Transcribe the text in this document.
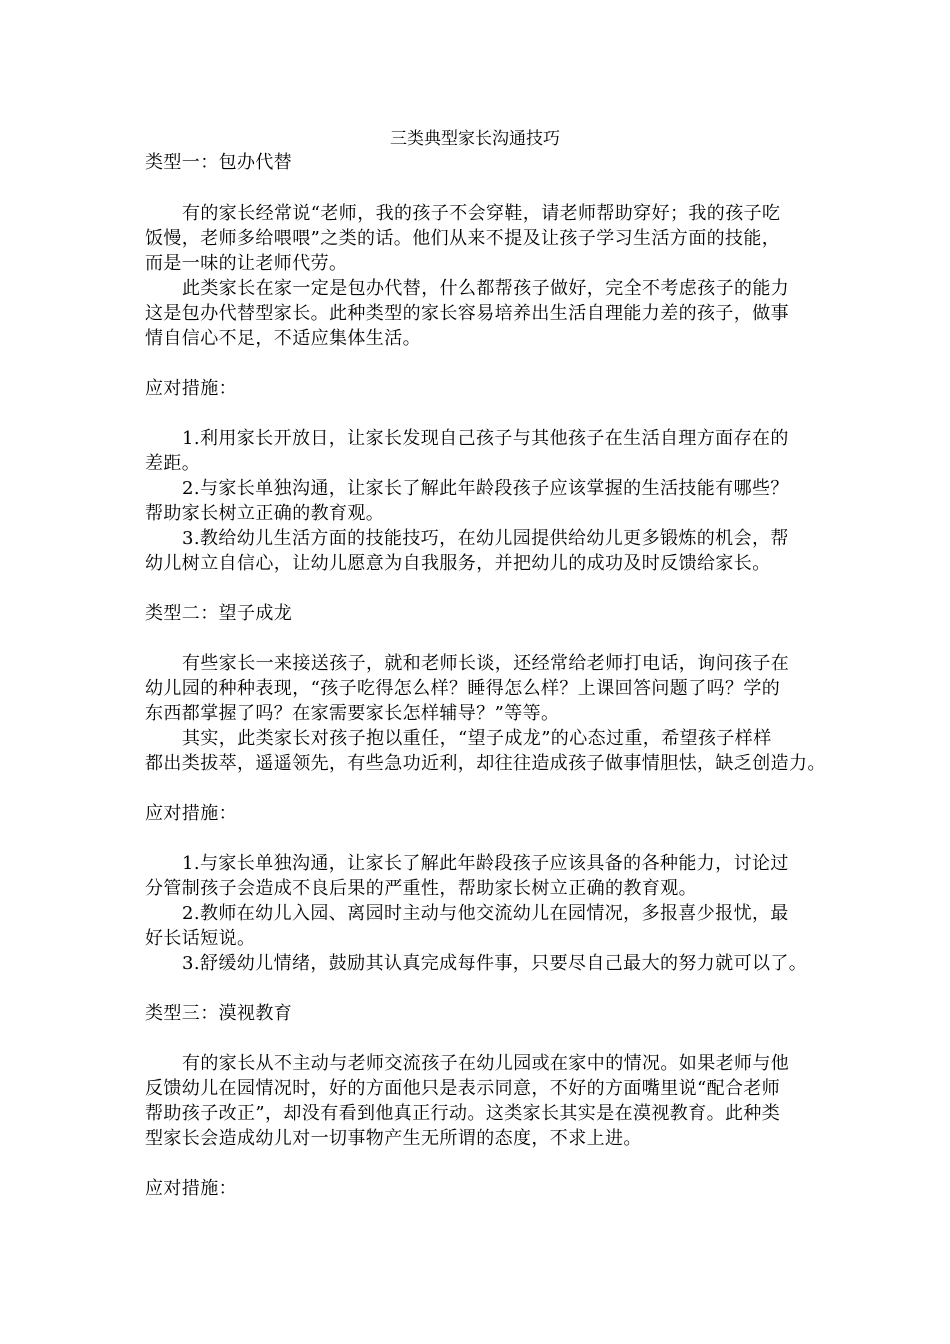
三类典型家长沟通技巧
类型一：包办代替
有的家长经常说“老师，我的孩子不会穿鞋，请老师帮助穿好；我的孩子吃
饭慢，老师多给喂喂”之类的话。他们从来不提及让孩子学习生活方面的技能，
而是一味的让老师代劳。
此类家长在家一定是包办代替，什么都帮孩子做好，完全不考虑孩子的能力
这是包办代替型家长。此种类型的家长容易培养出生活自理能力差的孩子，做事
情自信心不足，不适应集体生活。
应对措施：
1.利用家长开放日，让家长发现自己孩子与其他孩子在生活自理方面存在的
差距。
2.与家长单独沟通，让家长了解此年龄段孩子应该掌握的生活技能有哪些？
帮助家长树立正确的教育观。
3.教给幼儿生活方面的技能技巧，在幼儿园提供给幼儿更多锻炼的机会，帮
幼儿树立自信心，让幼儿愿意为自我服务，并把幼儿的成功及时反馈给家长。
类型二：望子成龙
有些家长一来接送孩子，就和老师长谈，还经常给老师打电话，询问孩子在
幼儿园的种种表现，“孩子吃得怎么样？睡得怎么样？上课回答问题了吗？学的
东西都掌握了吗？在家需要家长怎样辅导？”等等。
其实，此类家长对孩子抱以重任，“望子成龙”的心态过重，希望孩子样样
都出类拔萃，遥遥领先，有些急功近利，却往往造成孩子做事情胆怯，缺乏创造力。
应对措施：
1.与家长单独沟通，让家长了解此年龄段孩子应该具备的各种能力，讨论过
分管制孩子会造成不良后果的严重性，帮助家长树立正确的教育观。
2.教师在幼儿入园、离园时主动与他交流幼儿在园情况，多报喜少报忧，最
好长话短说。
3.舒缓幼儿情绪，鼓励其认真完成每件事，只要尽自己最大的努力就可以了。
类型三：漠视教育
有的家长从不主动与老师交流孩子在幼儿园或在家中的情况。如果老师与他
反馈幼儿在园情况时，好的方面他只是表示同意，不好的方面嘴里说“配合老师
帮助孩子改正”，却没有看到他真正行动。这类家长其实是在漠视教育。此种类
型家长会造成幼儿对一切事物产生无所谓的态度，不求上进。
应对措施：
